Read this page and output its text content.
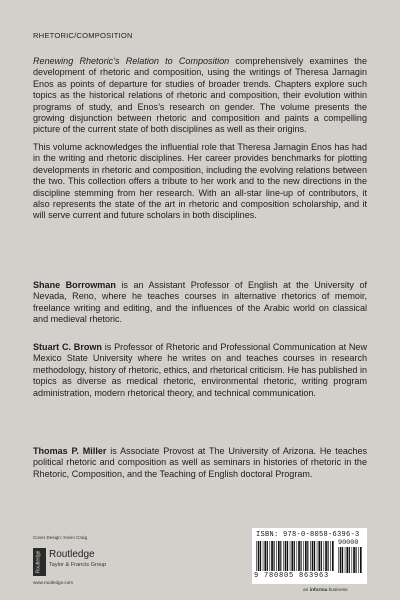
RHETORIC/COMPOSITION

Renewing Rhetoric’s Relation to Composition comprehensively examines the development of rhetoric and composition, using the writings of Theresa Jarnagin Enos as points of departure for studies of broader trends. Chapters explore such topics as the historical relations of rhetoric and composition, their evolution within programs of study, and Enos’s research on gender. The volume presents the growing disjunction between rhetoric and composition and paints a compelling picture of the current state of both disciplines as well as their origins.

This volume acknowledges the influential role that Theresa Jarnagin Enos has had in the writing and rhetoric disciplines. Her career provides benchmarks for plotting developments in rhetoric and composition, including the evolving relations between the two. This collection offers a tribute to her work and to the new directions in the discipline stemming from her research. With an all-star line-up of contributors, it also represents the state of the art in rhetoric and composition scholarship, and it will serve current and future scholars in both disciplines.

Shane Borrowman is an Assistant Professor of English at the University of Nevada, Reno, where he teaches courses in alternative rhetorics of memoir, freelance writing and editing, and the influences of the Arabic world on classical and medieval rhetoric.

Stuart C. Brown is Professor of Rhetoric and Professional Communication at New Mexico State University where he writes on and teaches courses in research methodology, history of rhetoric, ethics, and rhetorical criticism. He has published in topics as diverse as medical rhetoric, environmental rhetoric, writing program administration, modern rhetorical theory, and technical communication.

Thomas P. Miller is Associate Provost at The University of Arizona. He teaches political rhetoric and composition as well as seminars in histories of rhetoric in the Rhetoric, Composition, and the Teaching of English doctoral Program.

Cover Design: Kevin Craig
Routledge Routledge
Taylor & Francis Group
www.routledge.com
ISBN: 978-0-8058-6396-3
90000
9 780805 863963
an informa business
